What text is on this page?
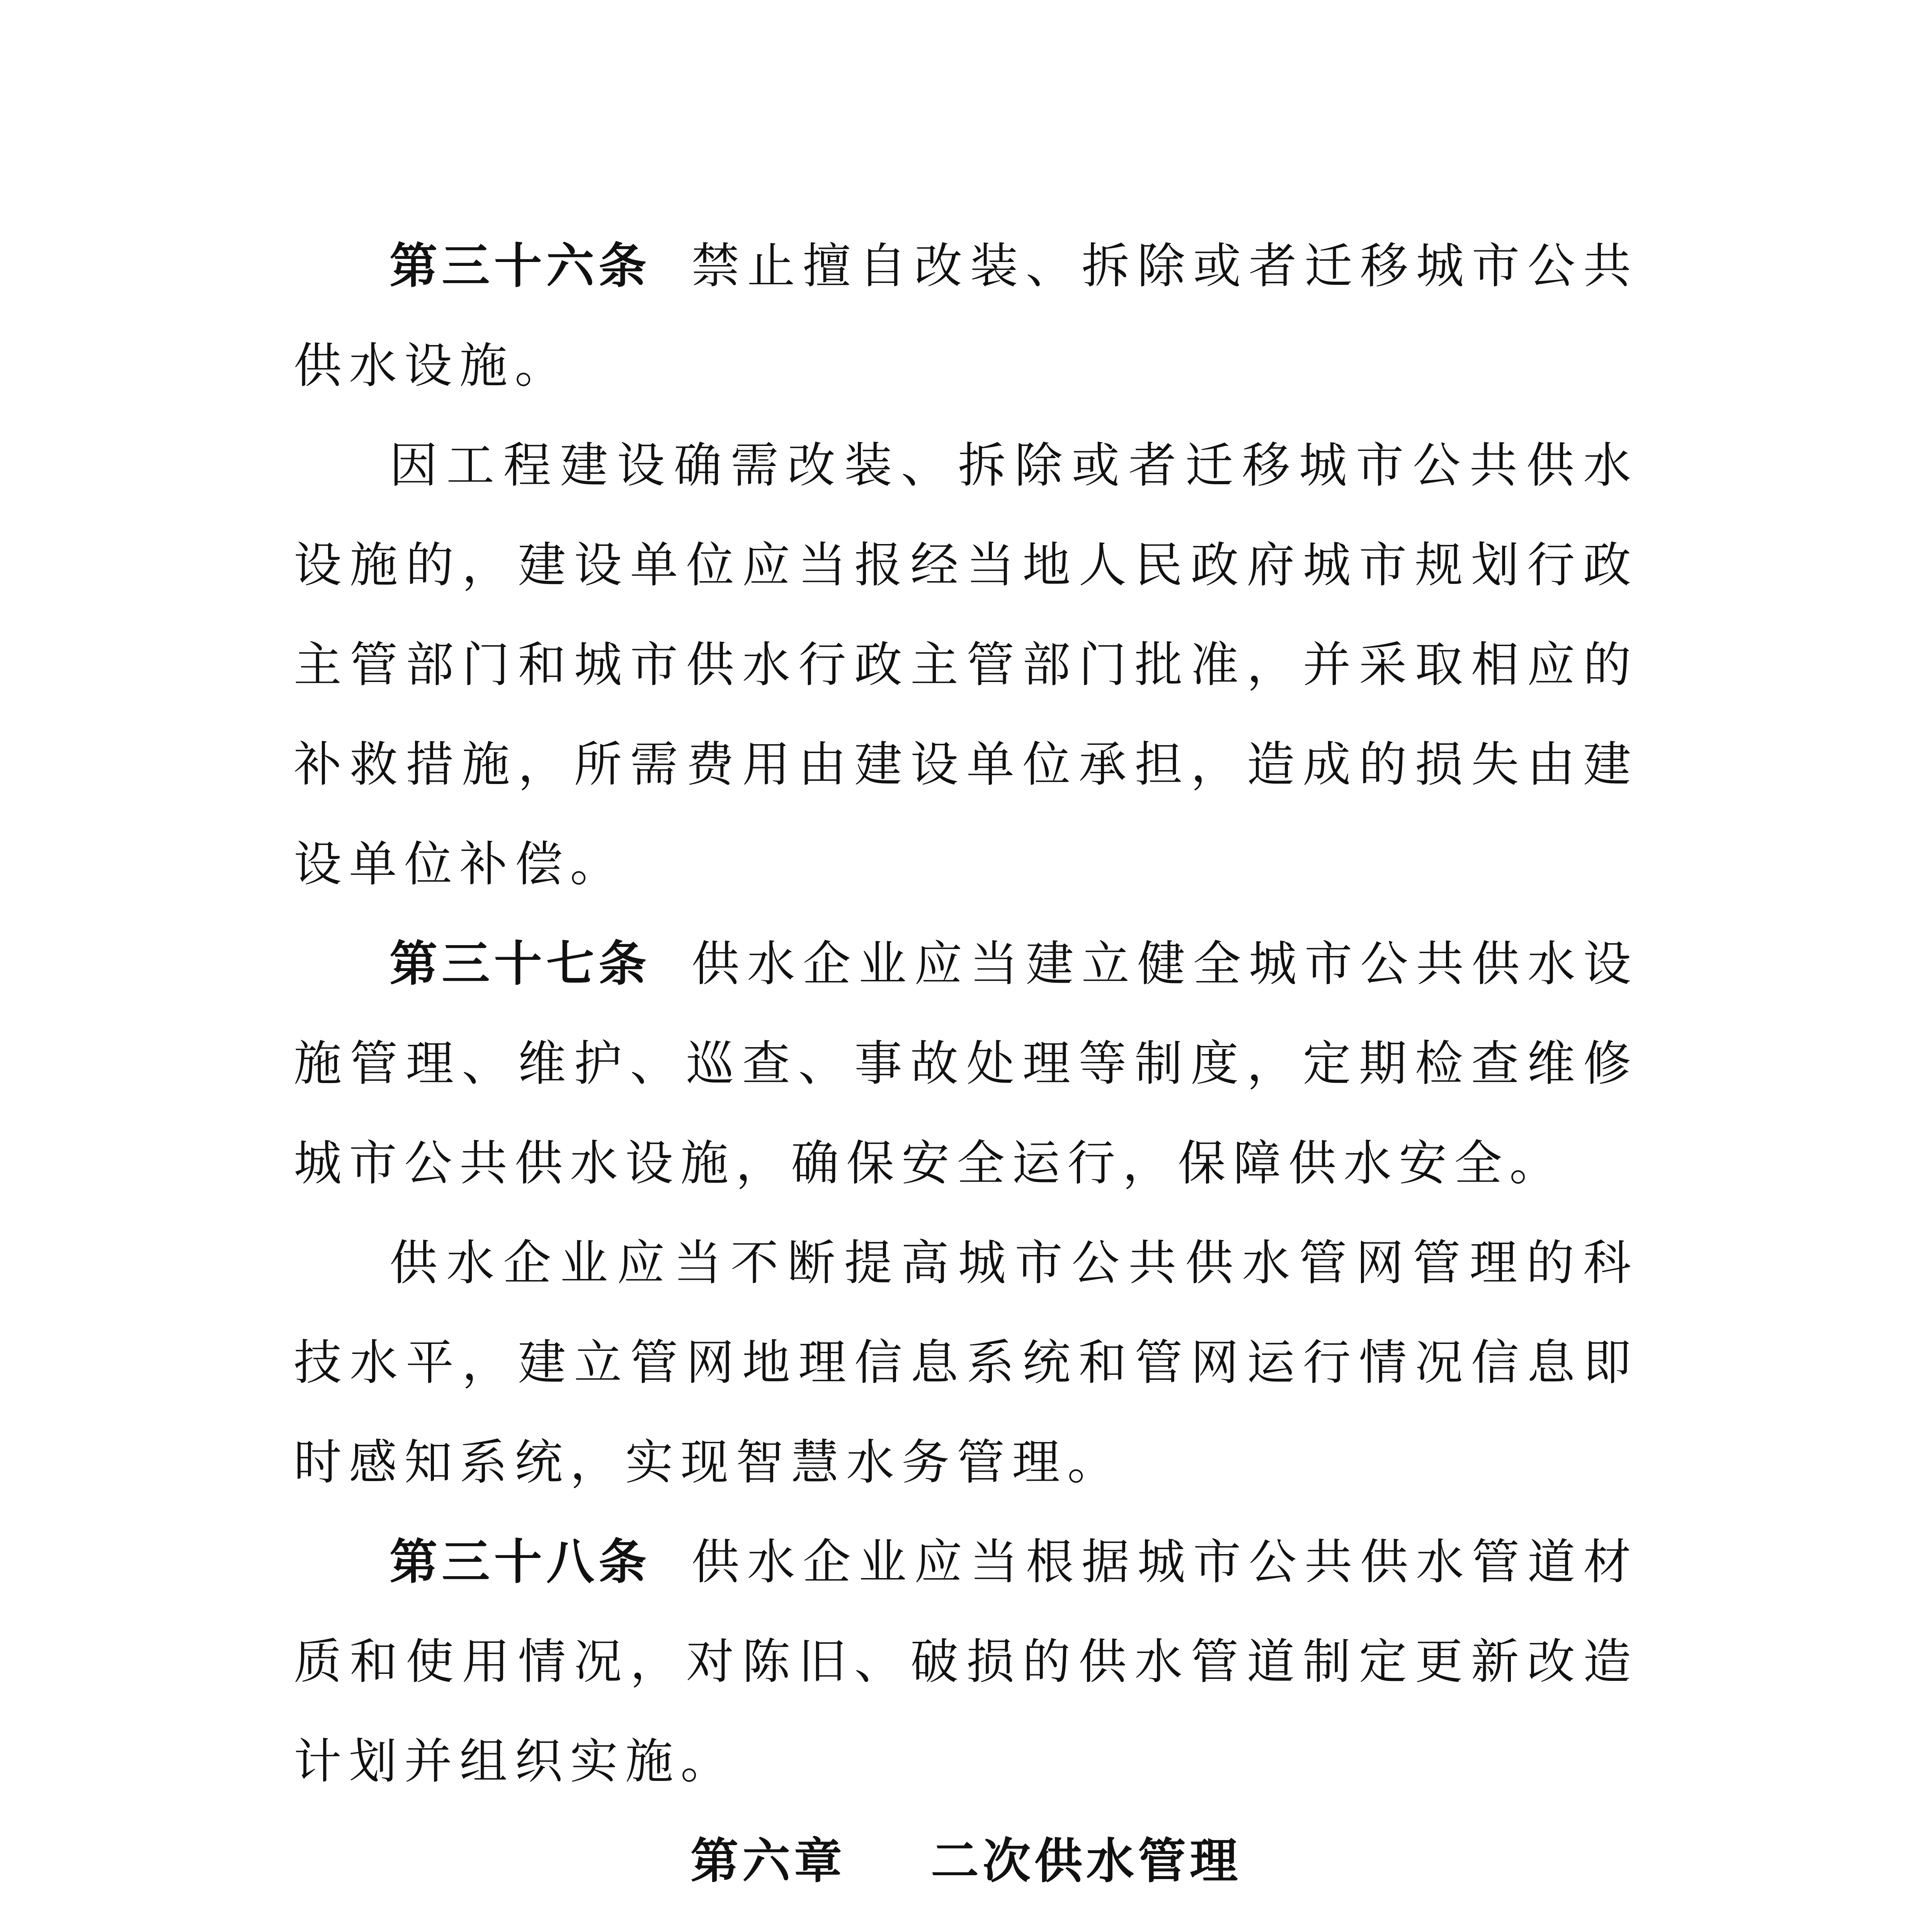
第三十六条 禁止擅自改装、拆除或者迁移城市公共供水设施。

因工程建设确需改装、拆除或者迁移城市公共供水设施的，建设单位应当报经当地人民政府城市规划行政主管部门和城市供水行政主管部门批准，并采取相应的补救措施，所需费用由建设单位承担，造成的损失由建设单位补偿。

第三十七条 供水企业应当建立健全城市公共供水设施管理、维护、巡查、事故处理等制度，定期检查维修城市公共供水设施，确保安全运行，保障供水安全。

供水企业应当不断提高城市公共供水管网管理的科技水平，建立管网地理信息系统和管网运行情况信息即时感知系统，实现智慧水务管理。

第三十八条 供水企业应当根据城市公共供水管道材质和使用情况，对陈旧、破损的供水管道制定更新改造计划并组织实施。

第六章 二次供水管理
